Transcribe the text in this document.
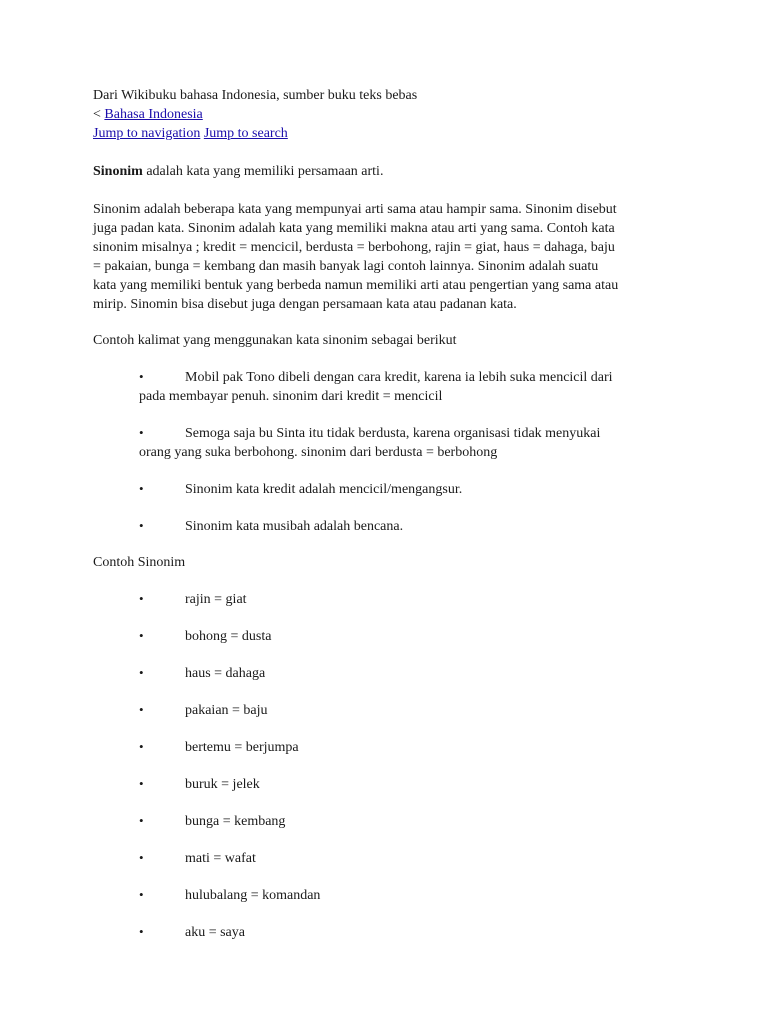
Dari Wikibuku bahasa Indonesia, sumber buku teks bebas

< Bahasa Indonesia

Jump to navigation Jump to search

Sinonim adalah kata yang memiliki persamaan arti.

Sinonim adalah beberapa kata yang mempunyai arti sama atau hampir sama. Sinonim disebut

juga padan kata. Sinonim adalah kata yang memiliki makna atau arti yang sama. Contoh kata

sinonim misalnya ; kredit = mencicil, berdusta = berbohong, rajin = giat, haus = dahaga, baju

= pakaian, bunga = kembang dan masih banyak lagi contoh lainnya. Sinonim adalah suatu

kata yang memiliki bentuk yang berbeda namun memiliki arti atau pengertian yang sama atau

mirip. Sinomin bisa disebut juga dengan persamaan kata atau padanan kata.

Contoh kalimat yang menggunakan kata sinonim sebagai berikut

•	Mobil pak Tono dibeli dengan cara kredit, karena ia lebih suka mencicil dari

pada membayar penuh. sinonim dari kredit = mencicil

•	Semoga saja bu Sinta itu tidak berdusta, karena organisasi tidak menyukai

orang yang suka berbohong. sinonim dari berdusta = berbohong

•	Sinonim kata kredit adalah mencicil/mengangsur.

•	Sinonim kata musibah adalah bencana.

Contoh Sinonim

•	rajin = giat

•	bohong = dusta

•	haus = dahaga

•	pakaian = baju

•	bertemu = berjumpa

•	buruk = jelek

•	bunga = kembang

•	mati = wafat

•	hulubalang = komandan

•	aku = saya
